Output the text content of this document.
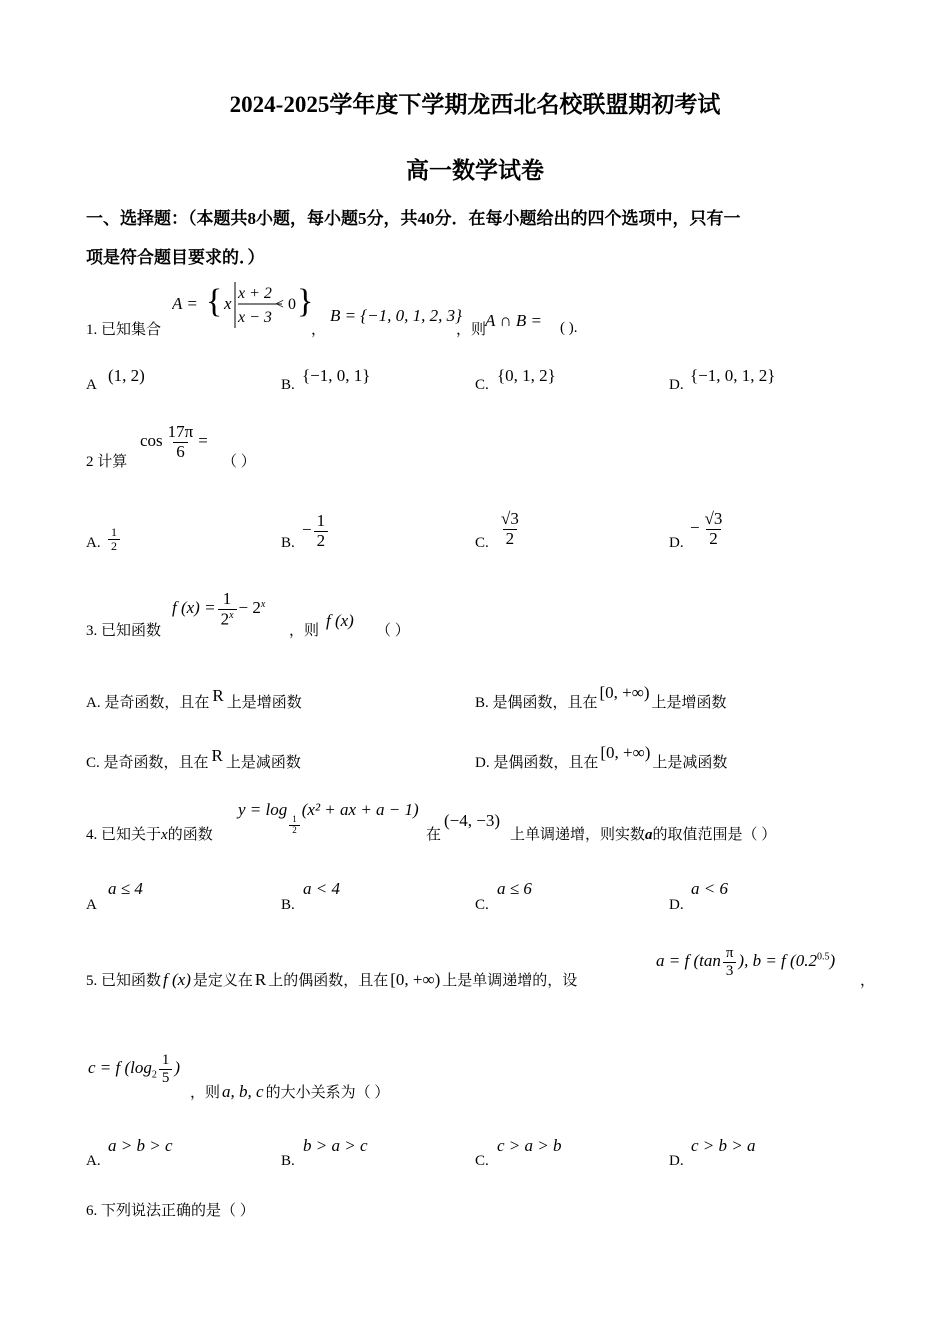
2024-2025学年度下学期龙西北名校联盟期初考试
高一数学试卷
一、选择题：（本题共8小题，每小题5分，共40分．在每小题给出的四个选项中，只有一
项是符合题目要求的．）
1. 已知集合
A = { x
x + 2
x − 3
< 0 }
，
B = {−1, 0, 1, 2, 3}
，则
A ∩ B = ( ).
A (1, 2)	B. {−1, 0, 1}	C. {0, 1, 2}	D. {−1, 0, 1, 2}
2 计算
$\cos \frac{17\pi}{6}$ =
（ ）
A. $\frac{1}{2}$	B.
− $\frac{1}{2}$	C. $\frac{√3}{2}$	D.
− $\frac{√3}{2}$
3. 已知函数
f $(x) = \frac{1}{2^x} - 2^x$
，则
f (x)
（ ）
A. 是奇函数，且在 R 上是增函数	B. 是偶函数，且在[0, +∞)上是增函数
C. 是奇函数，且在 R 上是减函数	D. 是偶函数，且在[0, +∞)上是减函数
4. 已知关于x的函数
y = log
$\frac{1}{2}$
(x² + ax + a − 1)
在
(−4, −3)
上单调递增，则实数a的取值范围是（ ）
A
a ≤ 4
B.
a < 4
C.
a ≤ 6
D.
a < 6
5. 已知函数 f (x) 是定义在 R 上的偶函数，且在 [0, +∞) 上是单调递增的，设
a = f ($\tan \frac{\pi}{3}$ ), b = f $(0.2^{0.5})$
，
c = f ($\log_2 \frac{1}{5}$ )
，则 a, b, c 的大小关系为（ ）
A.
a > b > c
B.
b > a > c
C.
c > a > b
D.
c > b > a
6. 下列说法正确的是（ ）
